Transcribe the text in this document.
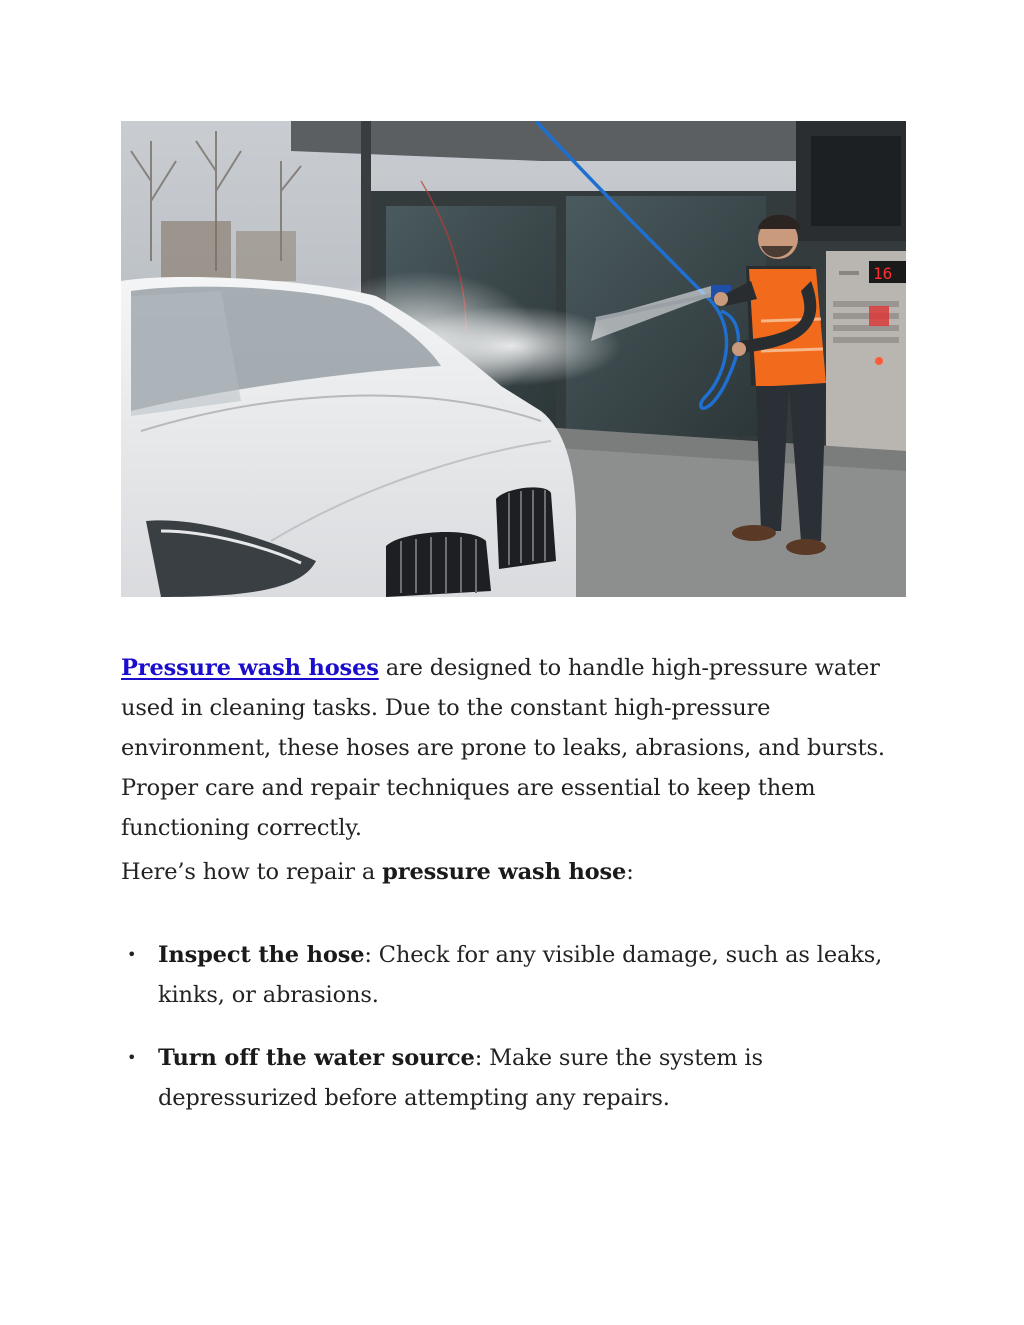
16

Pressure wash hoses are designed to handle high-pressure water used in cleaning tasks. Due to the constant high-pressure environment, these hoses are prone to leaks, abrasions, and bursts. Proper care and repair techniques are essential to keep them functioning correctly.

Here’s how to repair a pressure wash hose:

• Inspect the hose: Check for any visible damage, such as leaks, kinks, or abrasions.
• Turn off the water source: Make sure the system is depressurized before attempting any repairs.
